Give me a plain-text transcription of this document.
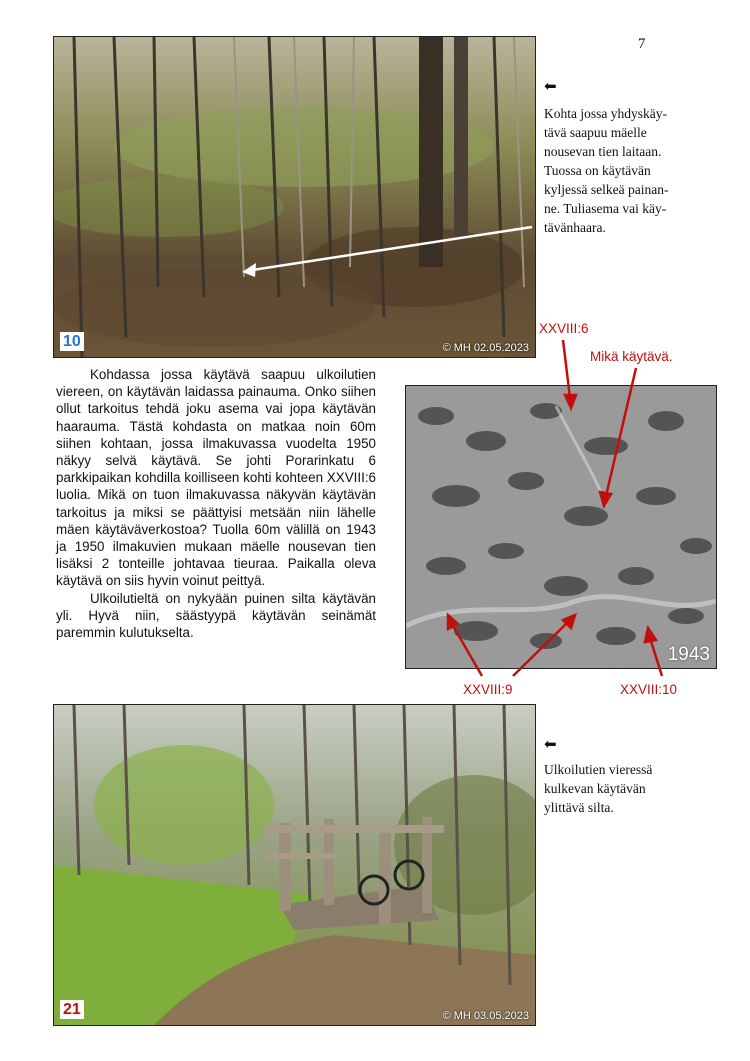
7
10	© MH 02.05.2023
⬅
Kohta jossa yhdyskäy-
tävä saapuu mäelle
nousevan tien laitaan.
Tuossa on käytävän
kyljessä selkeä painan-
ne. Tuliasema vai käy-
tävänhaara.

Kohdassa jossa käytävä saapuu ulkoilutien viereen, on käytävän laidassa painauma. Onko siihen ollut tarkoitus tehdä joku asema vai jopa käytävän haarauma. Tästä kohdasta on matkaa noin 60m siihen kohtaan, jossa ilmakuvassa vuodelta 1950 näkyy selvä käytävä. Se johti Porarinkatu 6 parkkipaikan kohdilla koilliseen kohti kohteen XXVIII:6 luolia. Mikä on tuon ilmakuvassa näkyvän käytävän tarkoitus ja miksi se päättyisi metsään niin lähelle mäen käytäväverkostoa? Tuolla 60m välillä on 1943 ja 1950 ilmakuvien mukaan mäelle nousevan tien lisäksi 2 tonteille johtavaa tieuraa. Paikalla oleva käytävä on siis hyvin voinut peittyä.

Ulkoilutieltä on nykyään puinen silta käytävän yli. Hyvä niin, säästyypä käytävän seinämät paremmin kulutukselta.

1943
XXVIII:6
Mikä käytävä.
XXVIII:9	XXVIII:10
21	© MH 03.05.2023
⬅
Ulkoilutien vieressä
kulkevan käytävän
ylittävä silta.
